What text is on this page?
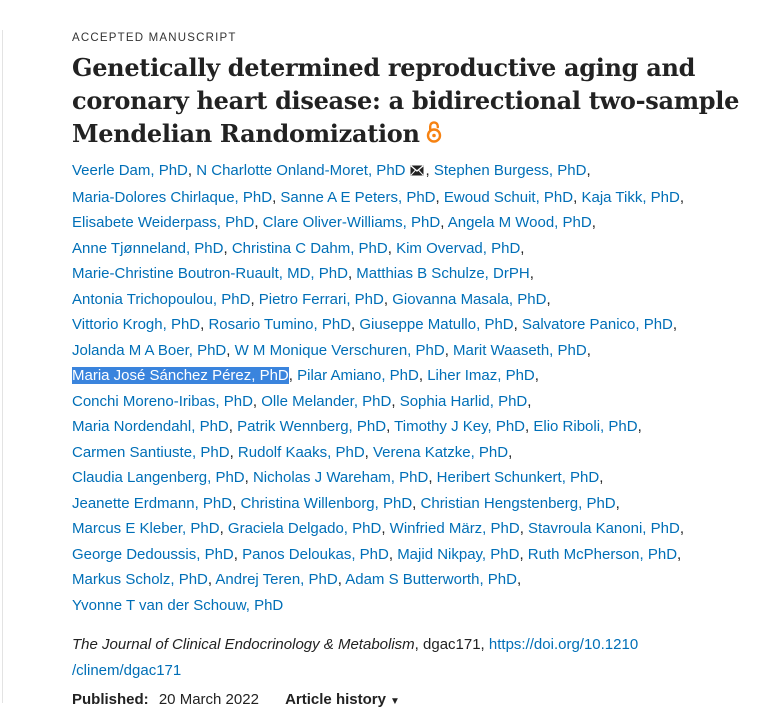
ACCEPTED MANUSCRIPT
Genetically determined reproductive aging and
coronary heart disease: a bidirectional two-sample
Mendelian Randomization
Veerle Dam, PhD, N Charlotte Onland-Moret, PhD , Stephen Burgess, PhD,
Maria-Dolores Chirlaque, PhD, Sanne A E Peters, PhD, Ewoud Schuit, PhD, Kaja Tikk, PhD,
Elisabete Weiderpass, PhD, Clare Oliver-Williams, PhD, Angela M Wood, PhD,
Anne Tjønneland, PhD, Christina C Dahm, PhD, Kim Overvad, PhD,
Marie-Christine Boutron-Ruault, MD, PhD, Matthias B Schulze, DrPH,
Antonia Trichopoulou, PhD, Pietro Ferrari, PhD, Giovanna Masala, PhD,
Vittorio Krogh, PhD, Rosario Tumino, PhD, Giuseppe Matullo, PhD, Salvatore Panico, PhD,
Jolanda M A Boer, PhD, W M Monique Verschuren, PhD, Marit Waaseth, PhD,
Maria José Sánchez Pérez, PhD, Pilar Amiano, PhD, Liher Imaz, PhD,
Conchi Moreno-Iribas, PhD, Olle Melander, PhD, Sophia Harlid, PhD,
Maria Nordendahl, PhD, Patrik Wennberg, PhD, Timothy J Key, PhD, Elio Riboli, PhD,
Carmen Santiuste, PhD, Rudolf Kaaks, PhD, Verena Katzke, PhD,
Claudia Langenberg, PhD, Nicholas J Wareham, PhD, Heribert Schunkert, PhD,
Jeanette Erdmann, PhD, Christina Willenborg, PhD, Christian Hengstenberg, PhD,
Marcus E Kleber, PhD, Graciela Delgado, PhD, Winfried März, PhD, Stavroula Kanoni, PhD,
George Dedoussis, PhD, Panos Deloukas, PhD, Majid Nikpay, PhD, Ruth McPherson, PhD,
Markus Scholz, PhD, Andrej Teren, PhD, Adam S Butterworth, PhD,
Yvonne T van der Schouw, PhD
The Journal of Clinical Endocrinology & Metabolism, dgac171, https://doi.org/10.1210
/clinem/dgac171
Published: 20 March 2022 Article history ▼
